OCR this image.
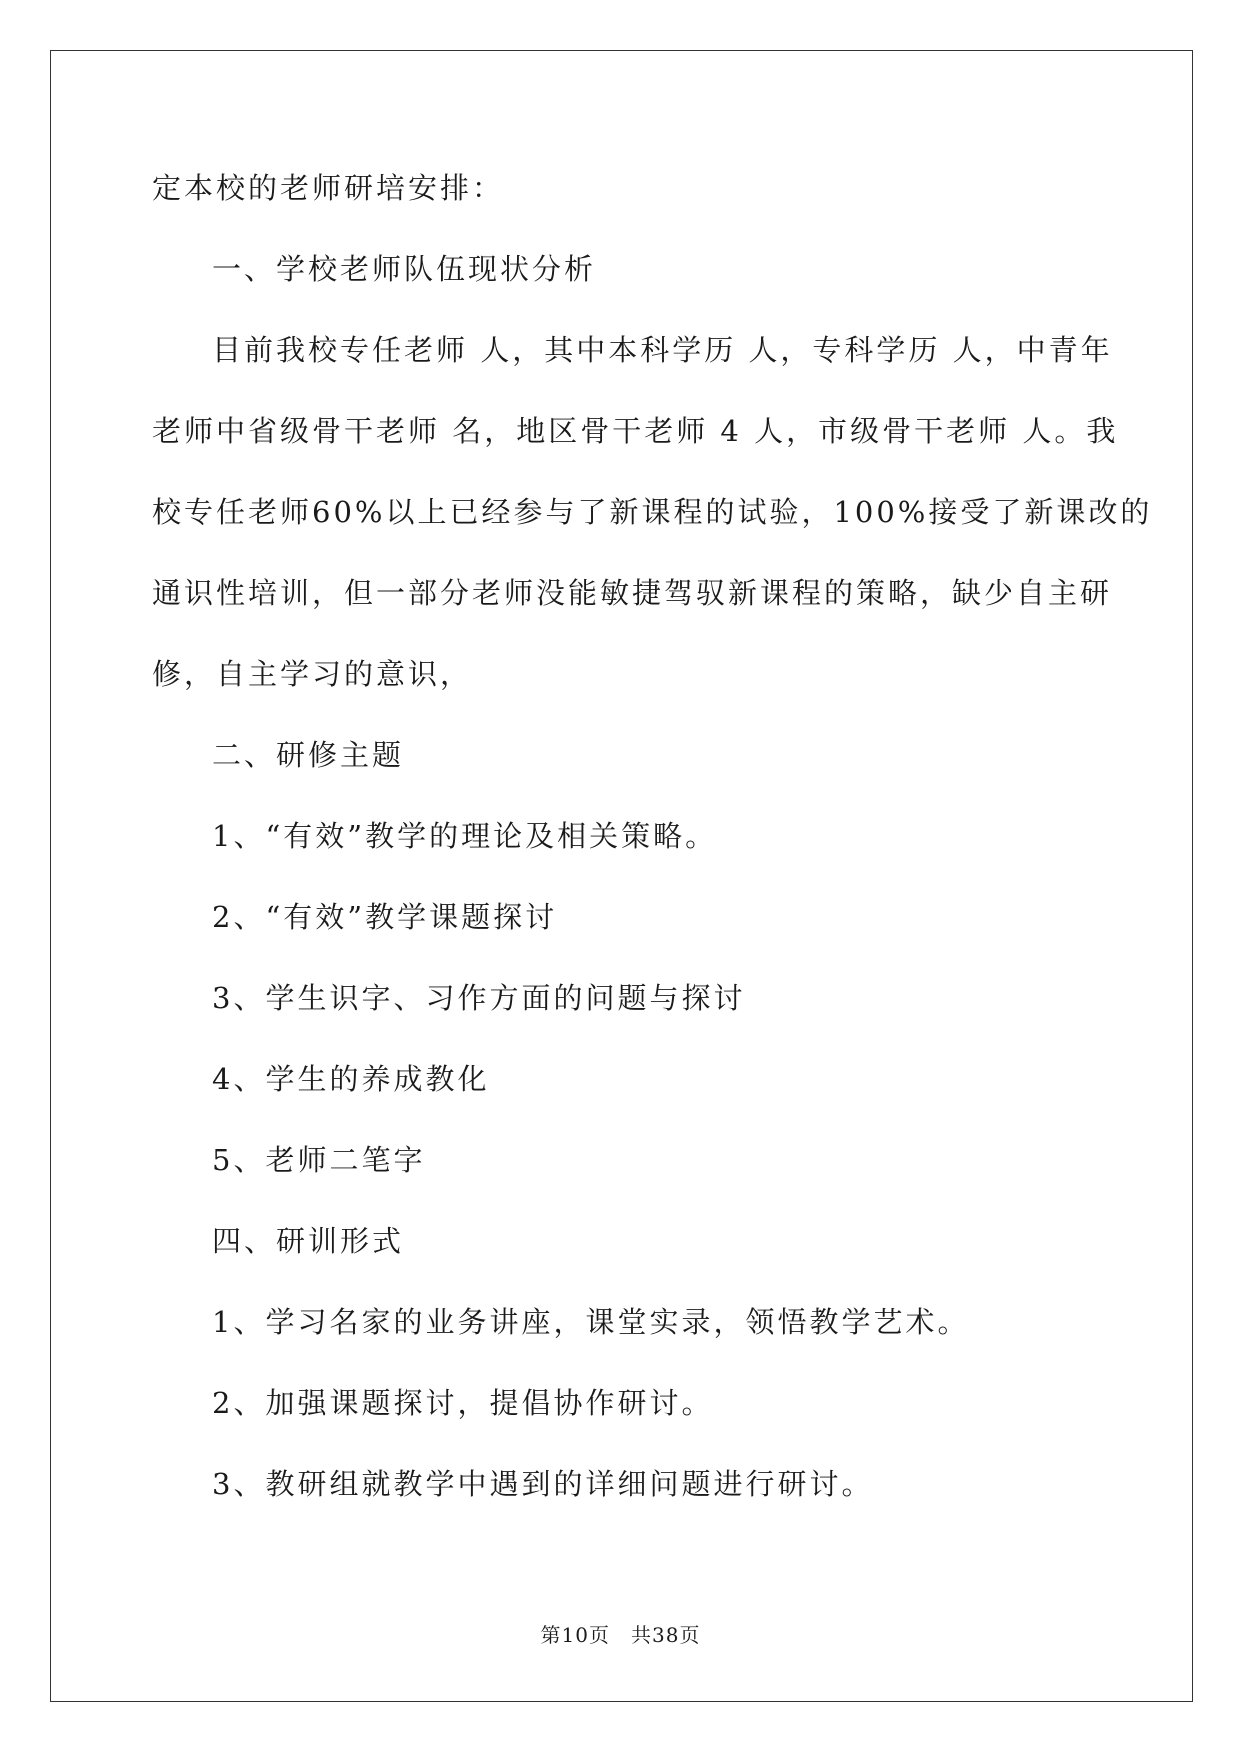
定本校的老师研培安排：
一、学校老师队伍现状分析
目前我校专任老师 人，其中本科学历 人，专科学历 人，中青年
老师中省级骨干老师 名，地区骨干老师 4 人，市级骨干老师 人。我
校专任老师60%以上已经参与了新课程的试验，100%接受了新课改的
通识性培训，但一部分老师没能敏捷驾驭新课程的策略，缺少自主研
修，自主学习的意识，
二、研修主题
1、“有效”教学的理论及相关策略。
2、“有效”教学课题探讨
3、学生识字、习作方面的问题与探讨
4、学生的养成教化
5、老师二笔字
四、研训形式
1、学习名家的业务讲座，课堂实录，领悟教学艺术。
2、加强课题探讨，提倡协作研讨。
3、教研组就教学中遇到的详细问题进行研讨。
第10页　共38页
